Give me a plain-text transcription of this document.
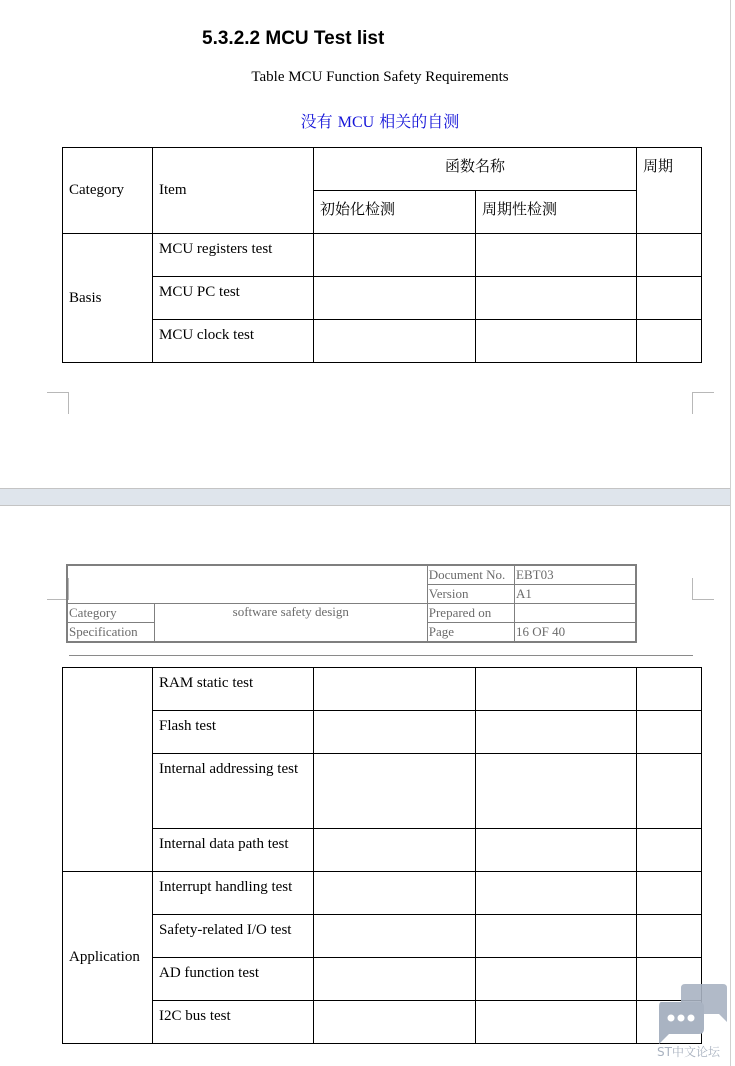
5.3.2.2 MCU Test list
Table MCU Function Safety Requirements
没有 MCU 相关的自测
Category	Item	函数名称		周期
		初始化检测	周期性检测	
Basis	MCU registers test			
	MCU PC test			
	MCU clock test			
		Document No.	EBT03
		Version	A1
Category	software safety design	Prepared on	
Specification		Page	16 OF 40
	RAM static test			
	Flash test			
	Internal addressing test			
	Internal data path test			
Application	Interrupt handling test			
	Safety-related I/O test			
	AD function test			
	I2C bus test			
ST中文论坛
